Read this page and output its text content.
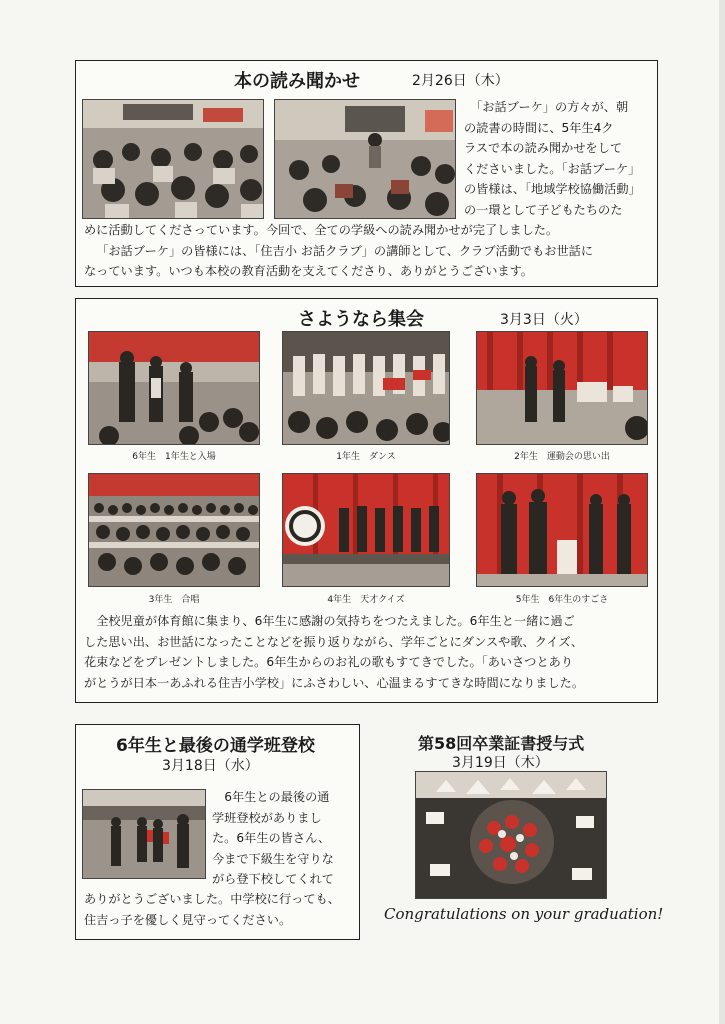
本の読み聞かせ	2月26日（木）
「お話ブーケ」の方々が、朝
の読書の時間に、5年生4ク
ラスで本の読み聞かせをして
くださいました。「お話ブーケ」
の皆様は、「地域学校協働活動」
の一環として子どもたちのた
めに活動してくださっています。今回で、全ての学級への読み聞かせが完了しました。
「お話ブーケ」の皆様には、「住吉小 お話クラブ」の講師として、クラブ活動でもお世話に
なっています。いつも本校の教育活動を支えてくださり、ありがとうございます。
さようなら集会	3月3日（火）
6年生　1年生と入場	1年生　ダンス	2年生　運動会の思い出
3年生　合唱	4年生　天才クイズ	5年生　6年生のすごさ
全校児童が体育館に集まり、6年生に感謝の気持ちをつたえました。6年生と一緒に過ご
した思い出、お世話になったことなどを振り返りながら、学年ごとにダンスや歌、クイズ、
花束などをプレゼントしました。6年生からのお礼の歌もすてきでした。「あいさつとあり
がとうが日本一あふれる住吉小学校」にふさわしい、心温まるすてきな時間になりました。
6年生と最後の通学班登校
3月18日（水）
6年生との最後の通
学班登校がありまし
た。6年生の皆さん、
今まで下級生を守りな
がら登下校してくれて
ありがとうございました。中学校に行っても、
住吉っ子を優しく見守ってください。
第58回卒業証書授与式
3月19日（木）
Congratulations on your graduation!
